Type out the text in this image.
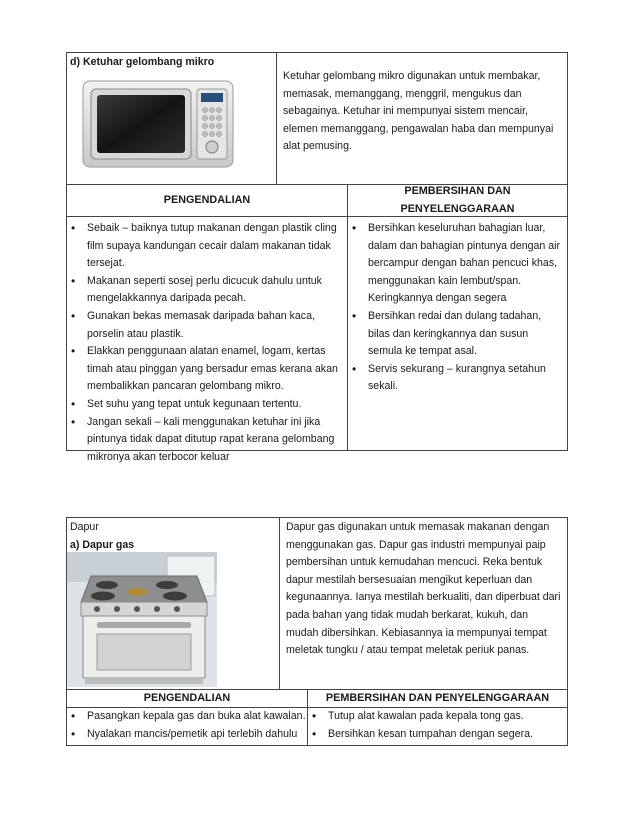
d) Ketuhar gelombang mikro
Ketuhar gelombang mikro digunakan untuk membakar, memasak, memanggang, menggril, mengukus dan sebagainya. Ketuhar ini mempunyai sistem mencair, elemen memanggang, pengawalan haba dan mempunyai alat pemusing.
PENGENDALIAN
PEMBERSIHAN DAN PENYELENGGARAAN
• Sebaik – baiknya tutup makanan dengan plastik cling film supaya kandungan cecair dalam makanan tidak tersejat.
• Makanan seperti sosej perlu dicucuk dahulu untuk mengelakkannya daripada pecah.
• Gunakan bekas memasak daripada bahan kaca, porselin atau plastik.
• Elakkan penggunaan alatan enamel, logam, kertas timah atau pinggan yang bersadur emas kerana akan membalikkan pancaran gelombang mikro.
• Set suhu yang tepat untuk kegunaan tertentu.
• Jangan sekali – kali menggunakan ketuhar ini jika pintunya tidak dapat ditutup rapat kerana gelombang mikronya akan terbocor keluar
• Bersihkan keseluruhan bahagian luar, dalam dan bahagian pintunya dengan air bercampur dengan bahan pencuci khas, menggunakan kain lembut/span. Keringkannya dengan segera
• Bersihkan redai dan dulang tadahan, bilas dan keringkannya dan susun semula ke tempat asal.
• Servis sekurang – kurangnya setahun sekali.
Dapur
a) Dapur gas
Dapur gas digunakan untuk memasak makanan dengan menggunakan gas. Dapur gas industri mempunyai paip pembersihan untuk kemudahan mencuci. Reka bentuk dapur mestilah bersesuaian mengikut keperluan dan kegunaannya. Ianya mestilah berkualiti, dan diperbuat dari pada bahan yang tidak mudah berkarat, kukuh, dan mudah dibersihkan. Kebiasannya ia mempunyai tempat meletak tungku / atau tempat meletak periuk panas.
PENGENDALIAN	PEMBERSIHAN DAN PENYELENGGARAAN
• Pasangkan kepala gas dan buka alat kawalan.
• Nyalakan mancis/pemetik api terlebih dahulu
• Tutup alat kawalan pada kepala tong gas.
• Bersihkan kesan tumpahan dengan segera.
